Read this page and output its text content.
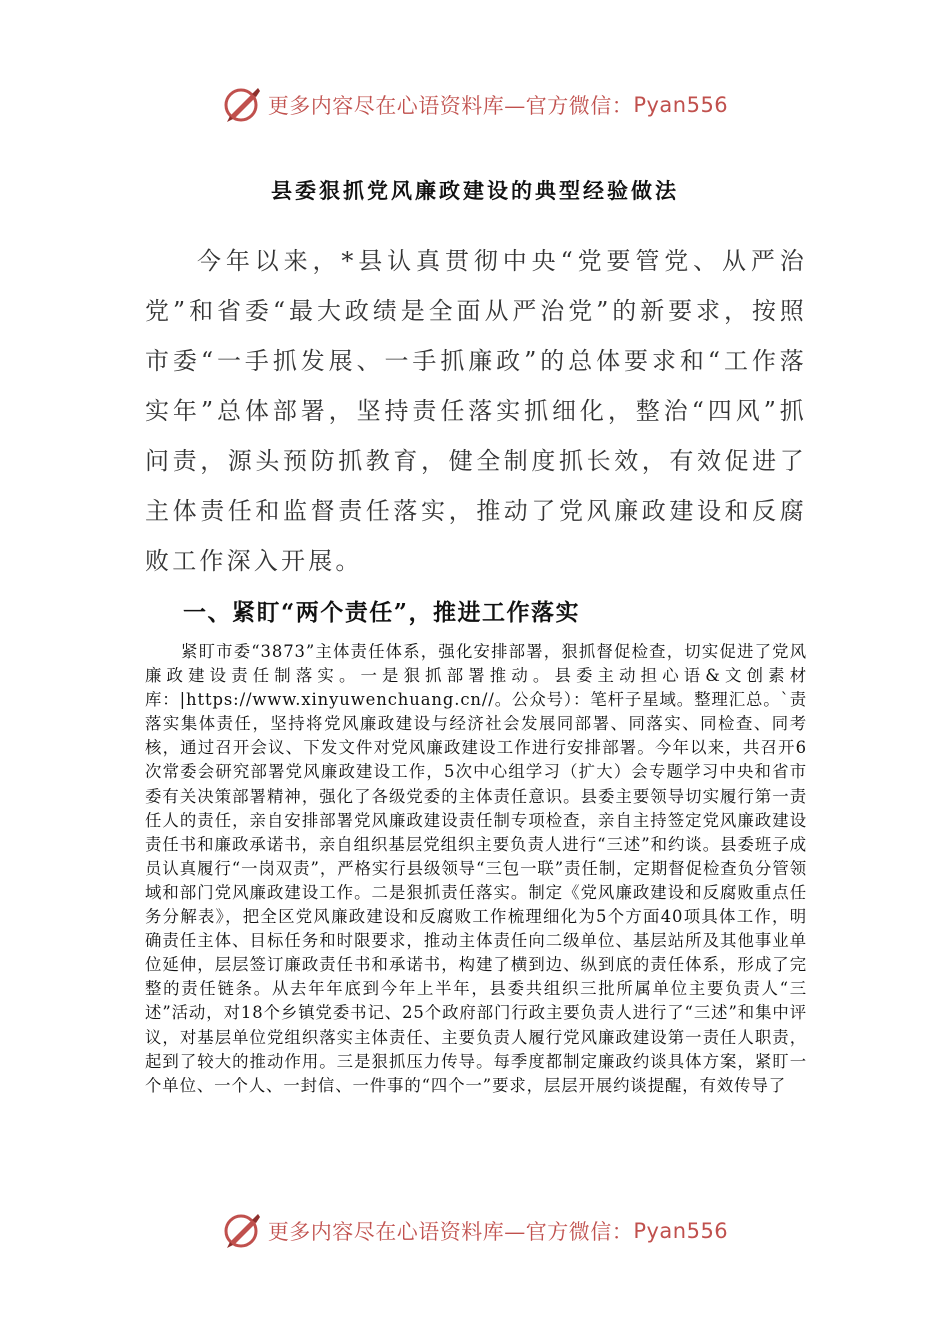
更多内容尽在心语资料库—官方微信： Pyan556
县委狠抓党风廉政建设的典型经验做法

今年以来，*县认真贯彻中央“党要管党、从严治党”和省委“最大政绩是全面从严治党”的新要求，按照市委“一手抓发展、一手抓廉政”的总体要求和“工作落实年”总体部署，坚持责任落实抓细化，整治“四风”抓问责，源头预防抓教育，健全制度抓长效，有效促进了主体责任和监督责任落实，推动了党风廉政建设和反腐败工作深入开展。

一、紧盯“两个责任”，推进工作落实

紧盯市委“3873”主体责任体系，强化安排部署，狠抓督促检查，切实促进了党风廉政建设责任制落实。一是狠抓部署推动。县委主动担心语&文创素材库：|https://www.xinyuwenchuang.cn//。公众号）：笔杆子星域。整理汇总。`责落实集体责任，坚持将党风廉政建设与经济社会发展同部署、同落实、同检查、同考核，通过召开会议、下发文件对党风廉政建设工作进行安排部署。今年以来，共召开6次常委会研究部署党风廉政建设工作，5次中心组学习（扩大）会专题学习中央和省市委有关决策部署精神，强化了各级党委的主体责任意识。县委主要领导切实履行第一责任人的责任，亲自安排部署党风廉政建设责任制专项检查，亲自主持签定党风廉政建设责任书和廉政承诺书，亲自组织基层党组织主要负责人进行“三述”和约谈。县委班子成员认真履行“一岗双责”，严格实行县级领导“三包一联”责任制，定期督促检查负分管领域和部门党风廉政建设工作。二是狠抓责任落实。制定《党风廉政建设和反腐败重点任务分解表》，把全区党风廉政建设和反腐败工作梳理细化为5个方面40项具体工作，明确责任主体、目标任务和时限要求，推动主体责任向二级单位、基层站所及其他事业单位延伸，层层签订廉政责任书和承诺书，构建了横到边、纵到底的责任体系，形成了完整的责任链条。从去年年底到今年上半年，县委共组织三批所属单位主要负责人“三述”活动，对18个乡镇党委书记、25个政府部门行政主要负责人进行了“三述”和集中评议，对基层单位党组织落实主体责任、主要负责人履行党风廉政建设第一责任人职责，起到了较大的推动作用。三是狠抓压力传导。每季度都制定廉政约谈具体方案，紧盯一个单位、一个人、一封信、一件事的“四个一”要求，层层开展约谈提醒，有效传导了

更多内容尽在心语资料库—官方微信： Pyan556
